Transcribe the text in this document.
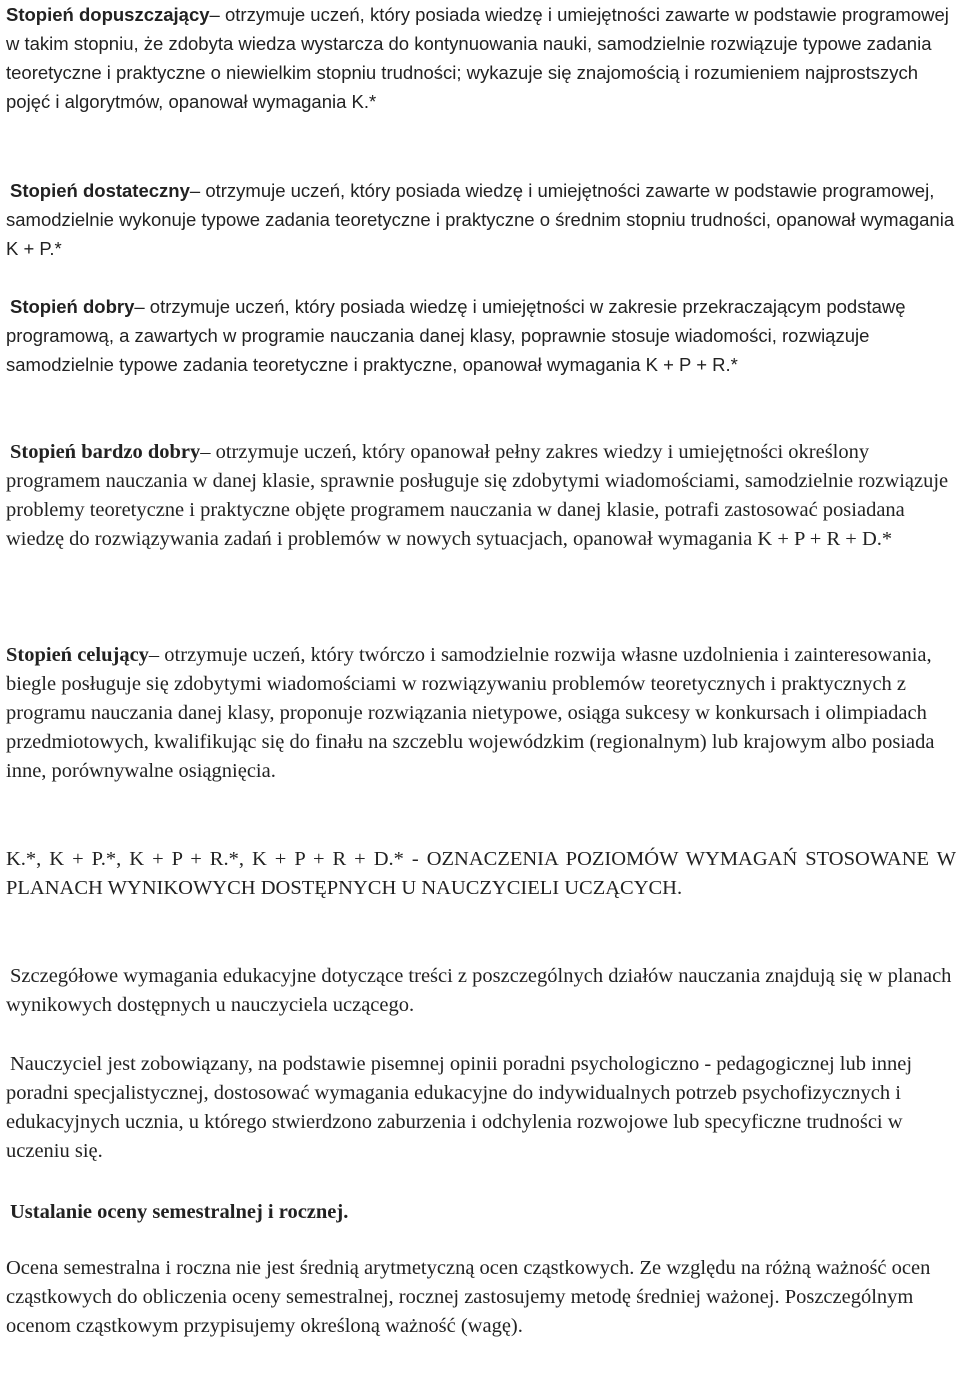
Stopień dopuszczający– otrzymuje uczeń, który posiada wiedzę i umiejętności zawarte w podstawie programowej w takim stopniu, że zdobyta wiedza wystarcza do kontynuowania nauki, samodzielnie rozwiązuje typowe zadania teoretyczne i praktyczne o niewielkim stopniu trudności; wykazuje się znajomością i rozumieniem najprostszych pojęć i algorytmów, opanował wymagania K.*

Stopień dostateczny– otrzymuje uczeń, który posiada wiedzę i umiejętności zawarte w podstawie programowej, samodzielnie wykonuje typowe zadania teoretyczne i praktyczne o średnim stopniu trudności, opanował wymagania K + P.*

Stopień dobry– otrzymuje uczeń, który posiada wiedzę i umiejętności w zakresie przekraczającym podstawę programową, a zawartych w programie nauczania danej klasy, poprawnie stosuje wiadomości, rozwiązuje samodzielnie typowe zadania teoretyczne i praktyczne, opanował wymagania K + P + R.*

Stopień bardzo dobry– otrzymuje uczeń, który opanował pełny zakres wiedzy i umiejętności określony programem nauczania w danej klasie, sprawnie posługuje się zdobytymi wiadomościami, samodzielnie rozwiązuje problemy teoretyczne i praktyczne objęte programem nauczania w danej klasie, potrafi zastosować posiadana wiedzę do rozwiązywania zadań i problemów w nowych sytuacjach, opanował wymagania K + P + R + D.*

Stopień celujący– otrzymuje uczeń, który twórczo i samodzielnie rozwija własne uzdolnienia i zainteresowania, biegle posługuje się zdobytymi wiadomościami w rozwiązywaniu problemów teoretycznych i praktycznych z programu nauczania danej klasy, proponuje rozwiązania nietypowe, osiąga sukcesy w konkursach i olimpiadach przedmiotowych, kwalifikując się do finału na szczeblu wojewódzkim (regionalnym) lub krajowym albo posiada inne, porównywalne osiągnięcia.

K.*, K + P.*, K + P + R.*, K + P + R + D.* - OZNACZENIA POZIOMÓW WYMAGAŃ STOSOWANE W PLANACH WYNIKOWYCH DOSTĘPNYCH U NAUCZYCIELI UCZĄCYCH.

Szczegółowe wymagania edukacyjne dotyczące treści z poszczególnych działów nauczania znajdują się w planach wynikowych dostępnych u nauczyciela uczącego.

Nauczyciel jest zobowiązany, na podstawie pisemnej opinii poradni psychologiczno - pedagogicznej lub innej poradni specjalistycznej, dostosować wymagania edukacyjne do indywidualnych potrzeb psychofizycznych i edukacyjnych ucznia, u którego stwierdzono zaburzenia i odchylenia rozwojowe lub specyficzne trudności w uczeniu się.

Ustalanie oceny semestralnej i rocznej.

Ocena semestralna i roczna nie jest średnią arytmetyczną ocen cząstkowych. Ze względu na różną ważność ocen cząstkowych do obliczenia oceny semestralnej, rocznej zastosujemy metodę średniej ważonej. Poszczególnym ocenom cząstkowym przypisujemy określoną ważność (wagę).
